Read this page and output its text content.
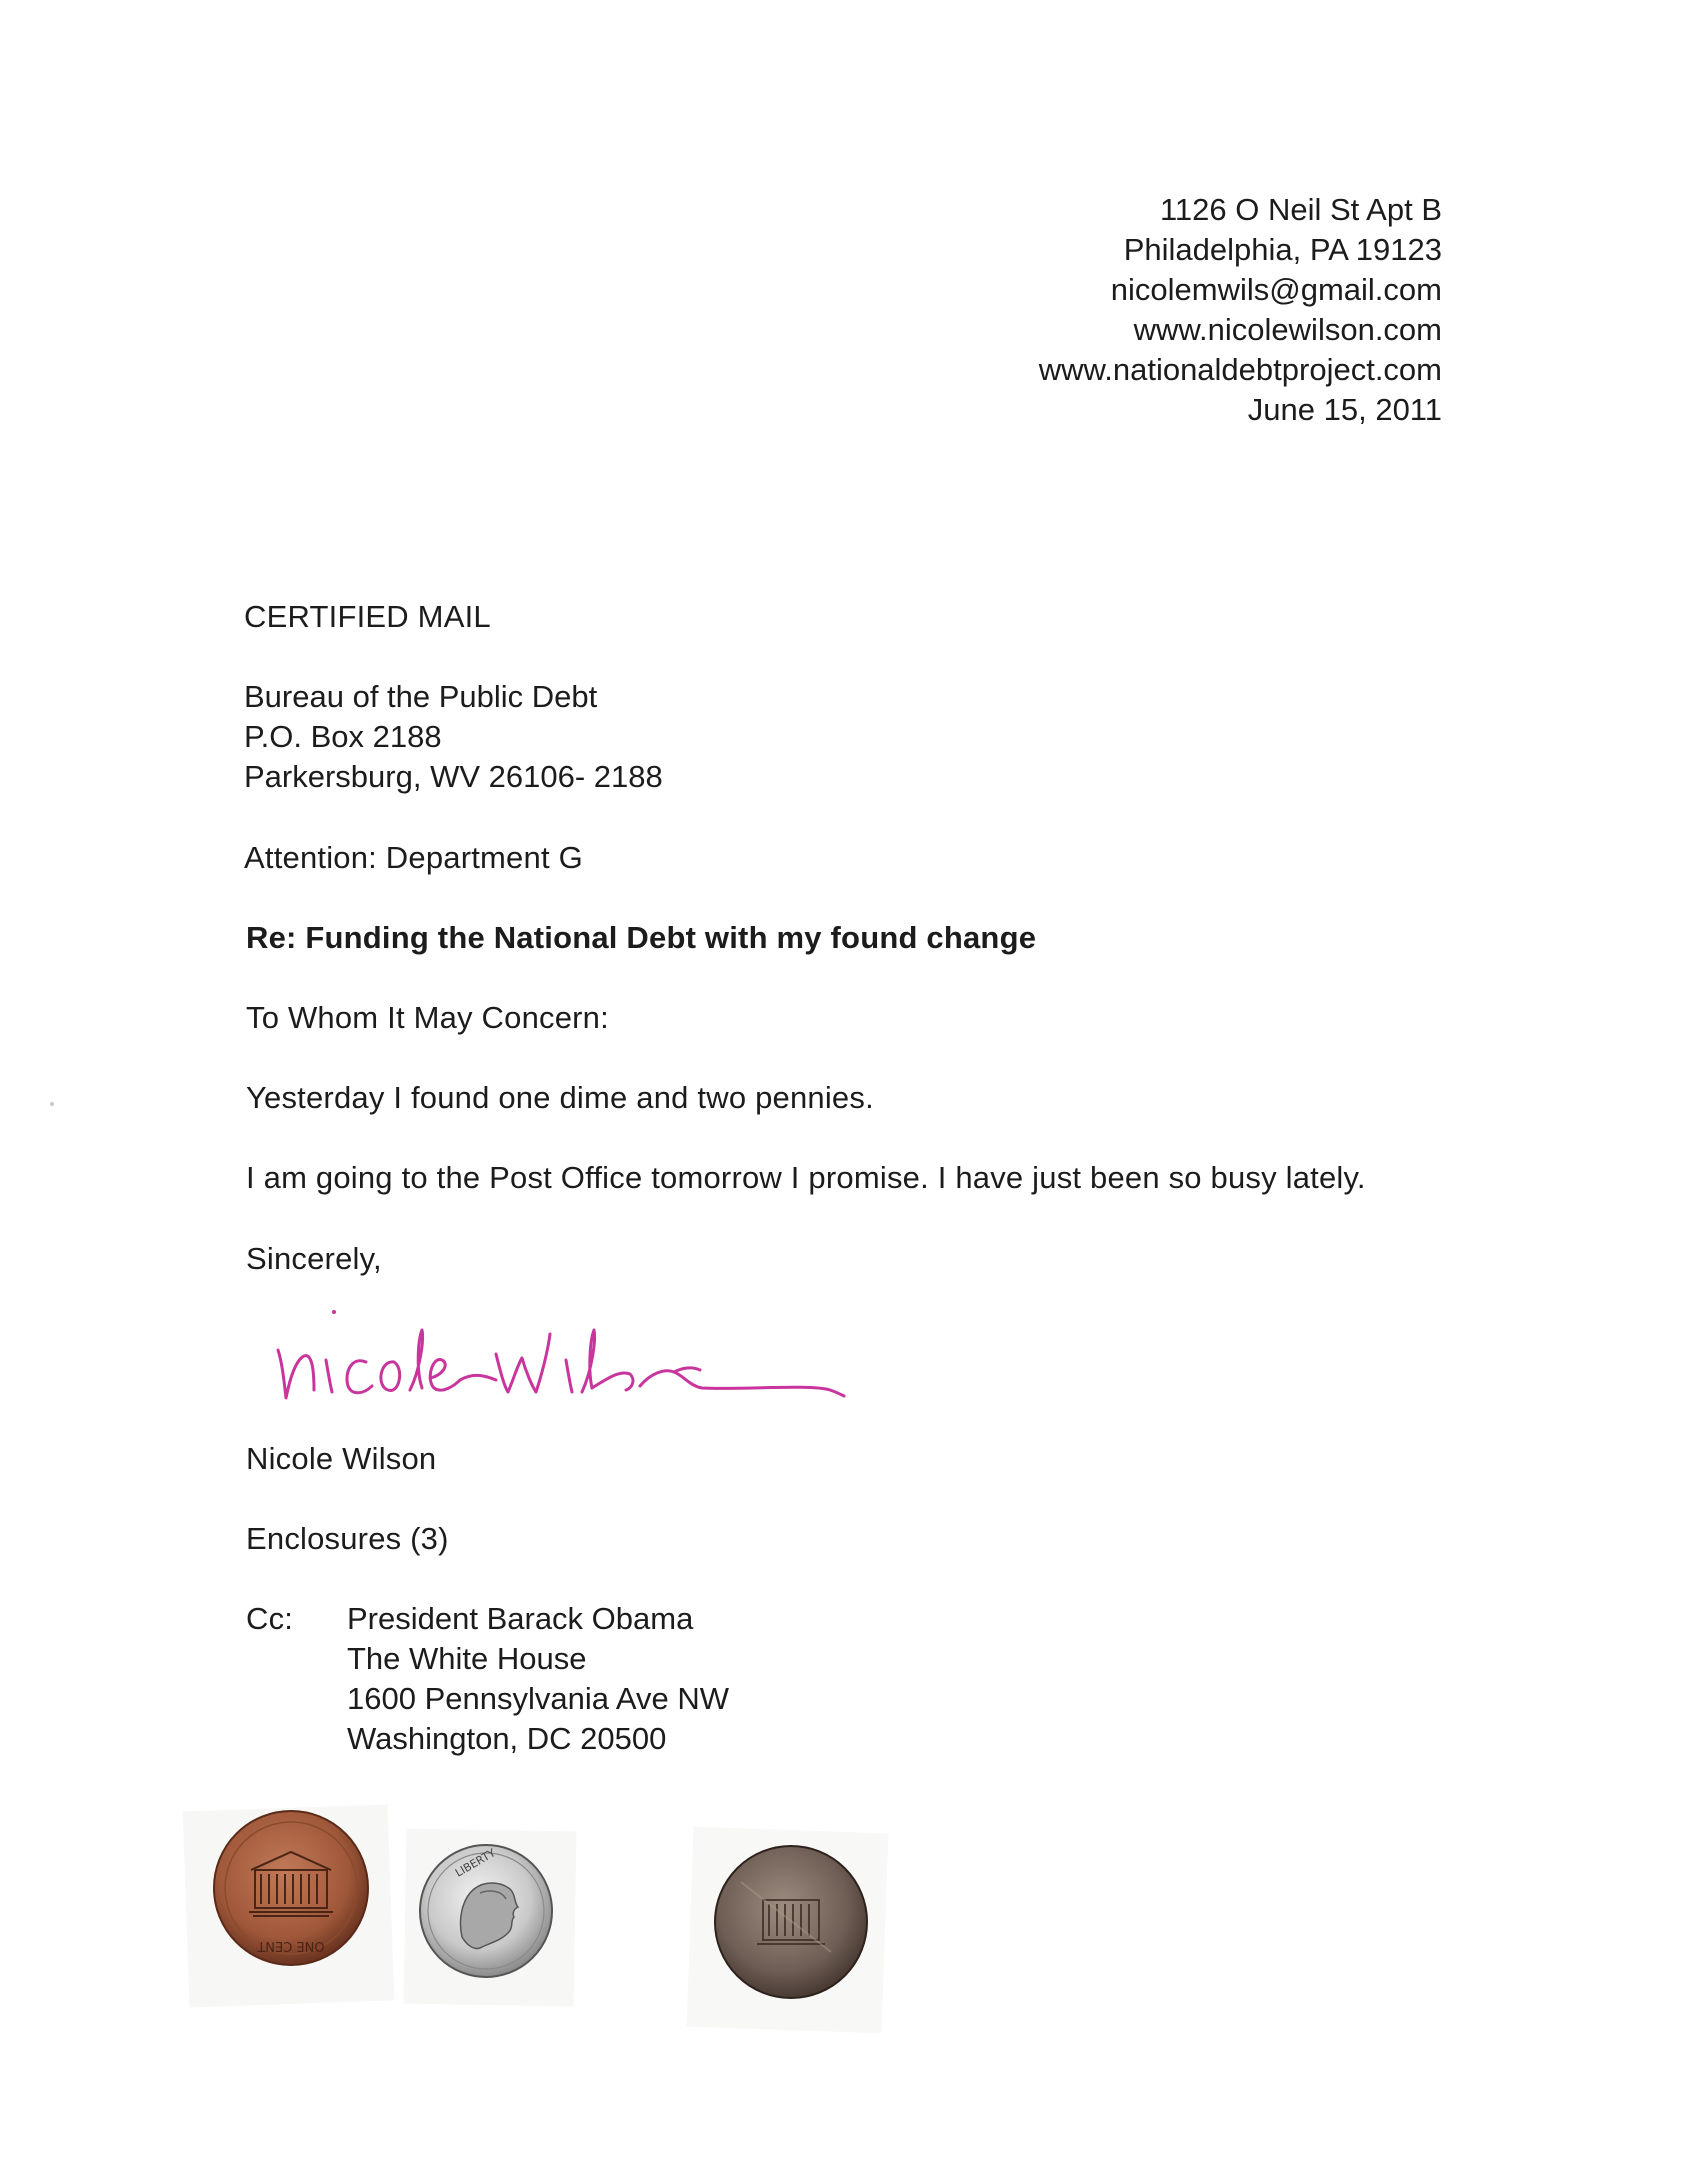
1126 O Neil St Apt B
Philadelphia, PA 19123
nicolemwils@gmail.com
www.nicolewilson.com
www.nationaldebtproject.com
June 15, 2011
CERTIFIED MAIL
Bureau of the Public Debt
P.O. Box 2188
Parkersburg, WV 26106- 2188
Attention: Department G
Re: Funding the National Debt with my found change
To Whom It May Concern:
Yesterday I found one dime and two pennies.
I am going to the Post Office tomorrow I promise. I have just been so busy lately.
Sincerely,
Nicole Wilson
Enclosures (3)
Cc: President Barack Obama
The White House
1600 Pennsylvania Ave NW
Washington, DC 20500
ONE CENT
LIBERTY
